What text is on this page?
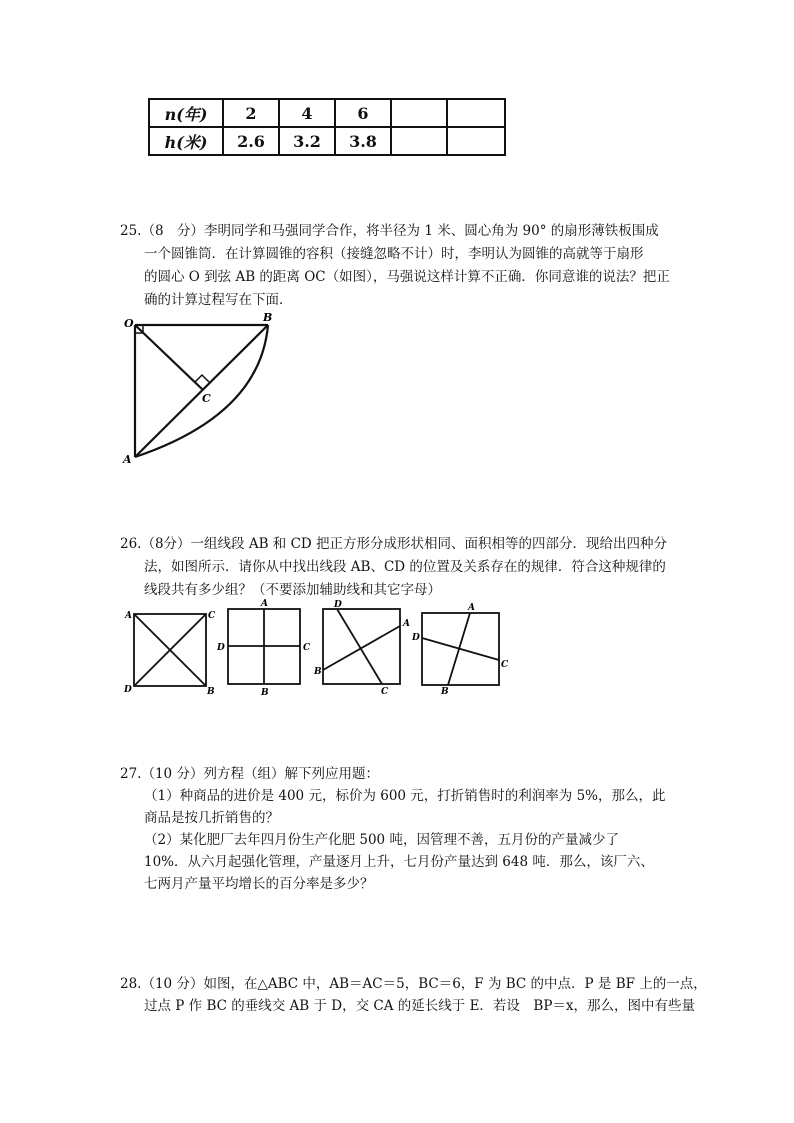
n(年)	2	4	6		
h(米)	2.6	3.2	3.8		
25.（8　分）李明同学和马强同学合作，将半径为 1 米、圆心角为 90° 的扇形薄铁板围成
一个圆锥筒．在计算圆锥的容积（接缝忽略不计）时，李明认为圆锥的高就等于扇形
的圆心 O 到弦 AB 的距离 OC（如图），马强说这样计算不正确．你同意谁的说法？把正
确的计算过程写在下面．
O	B
C
A
26.（8分）一组线段 AB 和 CD 把正方形分成形状相同、面积相等的四部分．现给出四种分
法，如图所示．请你从中找出线段 AB、CD 的位置及关系存在的规律．符合这种规律的
线段共有多少组？（不要添加辅助线和其它字母）
A	C
D	B
A
D	C
B
D
A
B
C
A
D
C
B
27.（10 分）列方程（组）解下列应用题：
（1）种商品的进价是 400 元，标价为 600 元，打折销售时的利润率为 5%，那么，此
商品是按几折销售的？
（2）某化肥厂去年四月份生产化肥 500 吨，因管理不善，五月份的产量减少了
10%．从六月起强化管理，产量逐月上升，七月份产量达到 648 吨．那么，该厂六、
七两月产量平均增长的百分率是多少？
28.（10 分）如图，在△ABC 中，AB＝AC＝5，BC＝6，F 为 BC 的中点．P 是 BF 上的一点，
过点 P 作 BC 的垂线交 AB 于 D，交 CA 的延长线于 E．若设　BP＝x，那么，图中有些量
